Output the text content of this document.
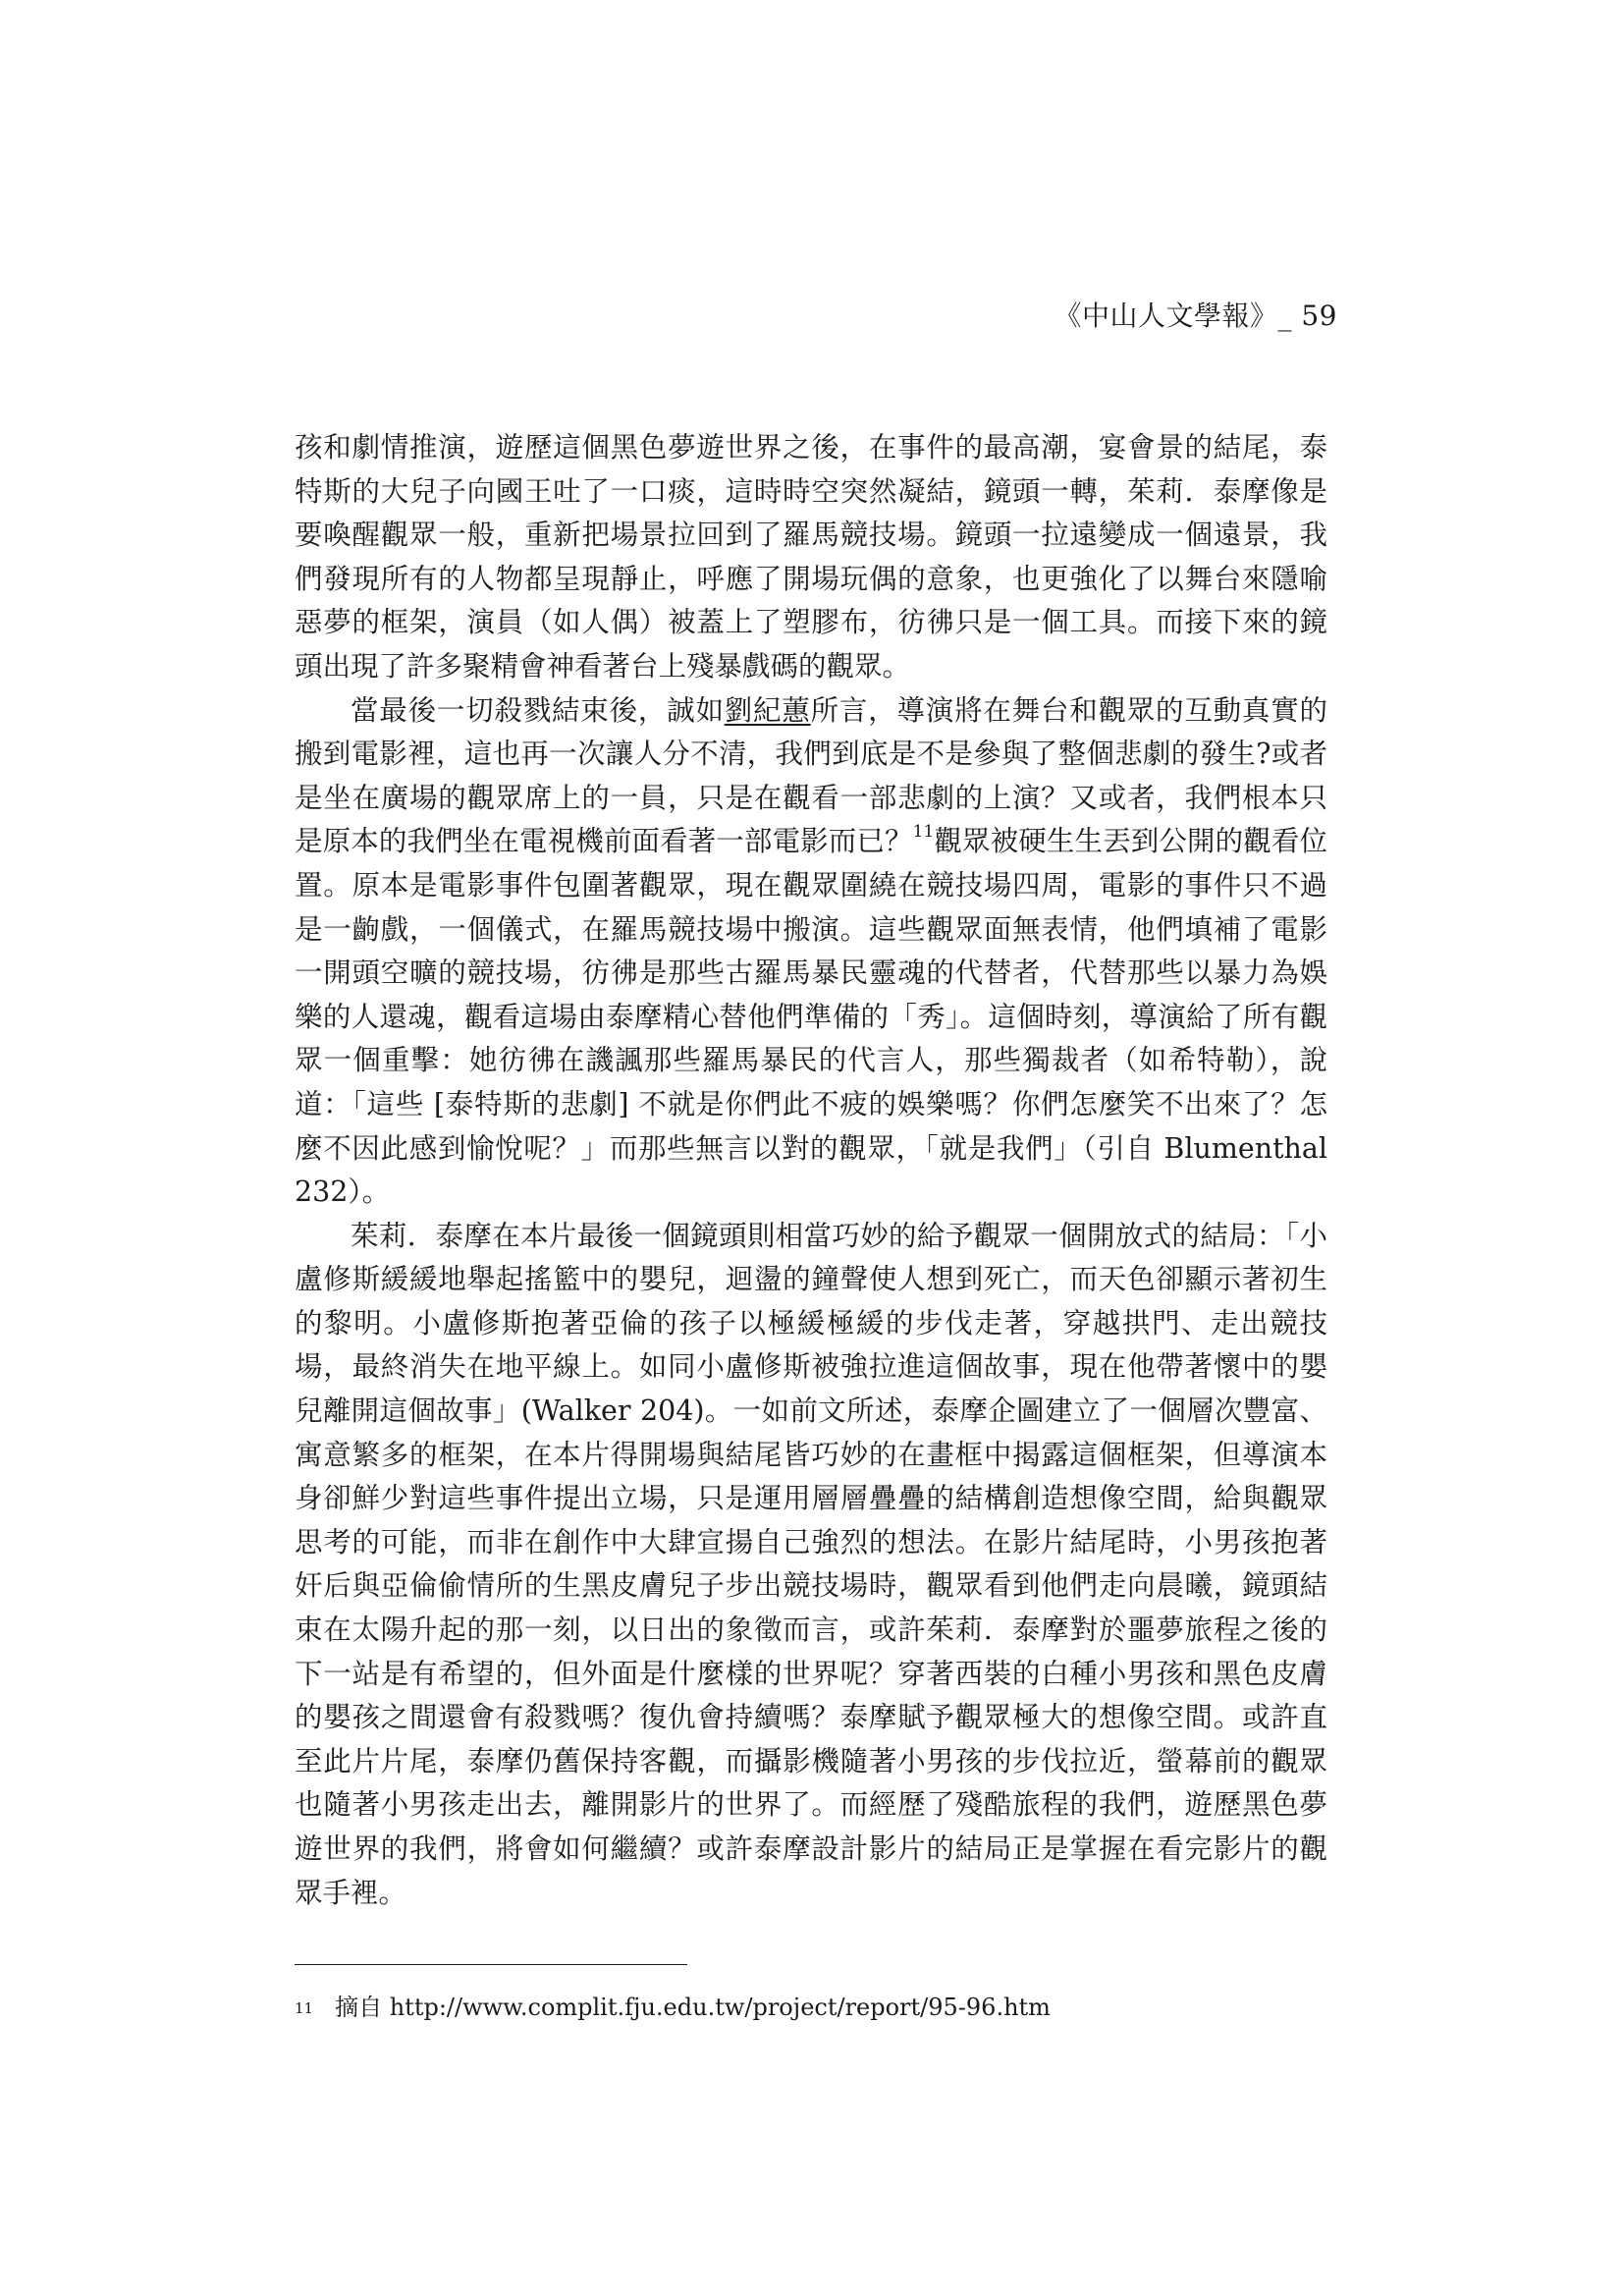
《中山人文學報》_ 59

孩和劇情推演，遊歷這個黑色夢遊世界之後，在事件的最高潮，宴會景的結尾，泰特斯的大兒子向國王吐了一口痰，這時時空突然凝結，鏡頭一轉，茱莉．泰摩像是要喚醒觀眾一般，重新把場景拉回到了羅馬競技場。鏡頭一拉遠變成一個遠景，我們發現所有的人物都呈現靜止，呼應了開場玩偶的意象，也更強化了以舞台來隱喻惡夢的框架，演員（如人偶）被蓋上了塑膠布，彷彿只是一個工具。而接下來的鏡頭出現了許多聚精會神看著台上殘暴戲碼的觀眾。

當最後一切殺戮結束後，誠如劉紀蕙所言，導演將在舞台和觀眾的互動真實的搬到電影裡，這也再一次讓人分不清，我們到底是不是參與了整個悲劇的發生?或者是坐在廣場的觀眾席上的一員，只是在觀看一部悲劇的上演？又或者，我們根本只是原本的我們坐在電視機前面看著一部電影而已？$^{11}$觀眾被硬生生丟到公開的觀看位置。原本是電影事件包圍著觀眾，現在觀眾圍繞在競技場四周，電影的事件只不過是一齣戲，一個儀式，在羅馬競技場中搬演。這些觀眾面無表情，他們填補了電影一開頭空曠的競技場，彷彿是那些古羅馬暴民靈魂的代替者，代替那些以暴力為娛樂的人還魂，觀看這場由泰摩精心替他們準備的「秀」。這個時刻，導演給了所有觀眾一個重擊：她彷彿在譏諷那些羅馬暴民的代言人，那些獨裁者（如希特勒），說道：「這些 [泰特斯的悲劇] 不就是你們此不疲的娛樂嗎？你們怎麼笑不出來了？怎麼不因此感到愉悅呢？」而那些無言以對的觀眾，「就是我們」（引自 Blumenthal 232）。

茱莉．泰摩在本片最後一個鏡頭則相當巧妙的給予觀眾一個開放式的結局：「小盧修斯緩緩地舉起搖籃中的嬰兒，迴盪的鐘聲使人想到死亡，而天色卻顯示著初生的黎明。小盧修斯抱著亞倫的孩子以極緩極緩的步伐走著，穿越拱門、走出競技場，最終消失在地平線上。如同小盧修斯被強拉進這個故事，現在他帶著懷中的嬰兒離開這個故事」(Walker 204)。一如前文所述，泰摩企圖建立了一個層次豐富、寓意繁多的框架，在本片得開場與結尾皆巧妙的在畫框中揭露這個框架，但導演本身卻鮮少對這些事件提出立場，只是運用層層疊疊的結構創造想像空間，給與觀眾思考的可能，而非在創作中大肆宣揚自己強烈的想法。在影片結尾時，小男孩抱著奸后與亞倫偷情所的生黑皮膚兒子步出競技場時，觀眾看到他們走向晨曦，鏡頭結束在太陽升起的那一刻，以日出的象徵而言，或許茱莉．泰摩對於噩夢旅程之後的下一站是有希望的，但外面是什麼樣的世界呢？穿著西裝的白種小男孩和黑色皮膚的嬰孩之間還會有殺戮嗎？復仇會持續嗎？泰摩賦予觀眾極大的想像空間。或許直至此片片尾，泰摩仍舊保持客觀，而攝影機隨著小男孩的步伐拉近，螢幕前的觀眾也隨著小男孩走出去，離開影片的世界了。而經歷了殘酷旅程的我們，遊歷黑色夢遊世界的我們，將會如何繼續？或許泰摩設計影片的結局正是掌握在看完影片的觀眾手裡。

$^{11}$ 摘自 http://www.complit.fju.edu.tw/project/report/95-96.htm
